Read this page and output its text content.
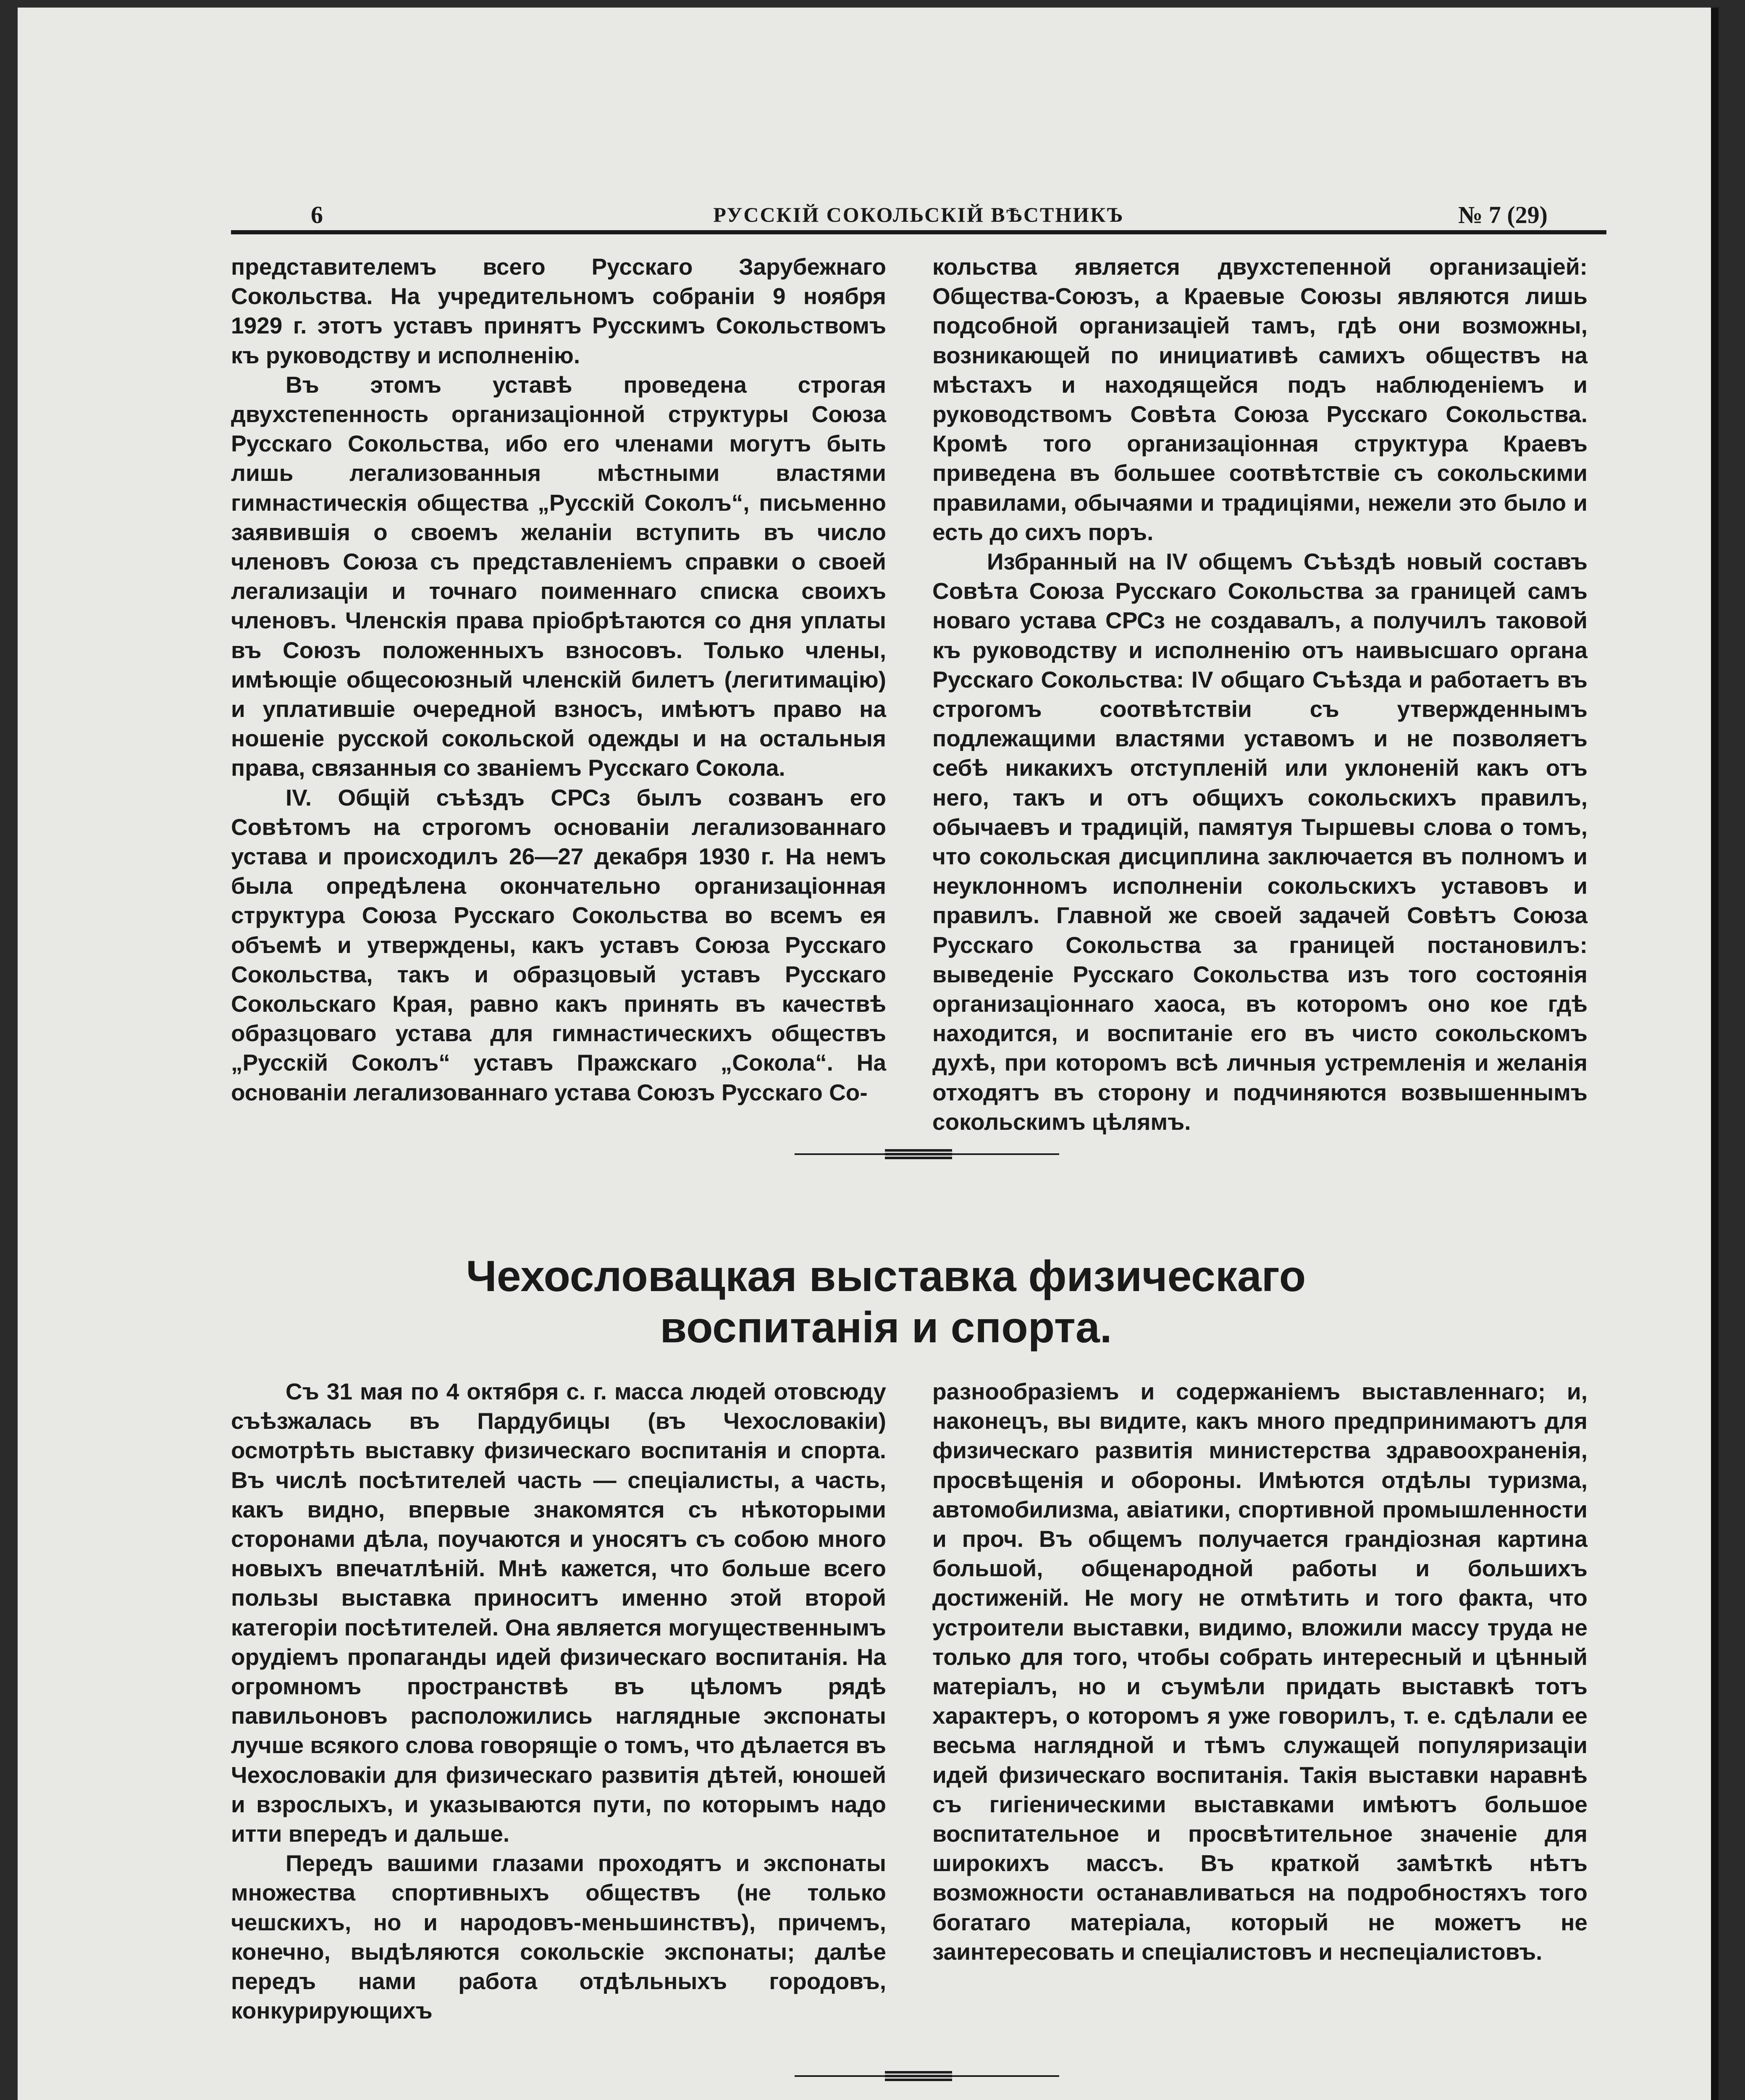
6	РУССКІЙ СОКОЛЬСКІЙ ВѢСТНИКЪ	№ 7 (29)

представителемъ всего Русскаго Зарубежнаго Сокольства. На учредительномъ собраніи 9 ноября 1929 г. этотъ уставъ принятъ Русскимъ Сокольствомъ къ руководству и исполненію.

Въ этомъ уставѣ проведена строгая двухстепенность организаціонной структуры Союза Русскаго Сокольства, ибо его членами могутъ быть лишь легализованныя мѣстными властями гимнастическія общества „Русскій Соколъ“, письменно заявившія о своемъ желаніи вступить въ число членовъ Союза съ представленіемъ справки о своей легализаціи и точнаго поименнаго списка своихъ членовъ. Членскія права пріобрѣтаются со дня уплаты въ Союзъ положенныхъ взносовъ. Только члены, имѣющіе общесоюзный членскій билетъ (легитимацію) и уплатившіе очередной взносъ, имѣютъ право на ношеніе русской сокольской одежды и на остальныя права, связанныя со званіемъ Русскаго Сокола.

IV. Общій съѣздъ СРСз былъ созванъ его Совѣтомъ на строгомъ основаніи легализованнаго устава и происходилъ 26—27 декабря 1930 г. На немъ была опредѣлена окончательно организаціонная структура Союза Русскаго Сокольства во всемъ ея объемѣ и утверждены, какъ уставъ Союза Русскаго Сокольства, такъ и образцовый уставъ Русскаго Сокольскаго Края, равно какъ принять въ качествѣ образцоваго устава для гимнастическихъ обществъ „Русскій Соколъ“ уставъ Пражскаго „Сокола“. На основаніи легализованнаго устава Союзъ Русскаго Со-

кольства является двухстепенной организаціей: Общества-Союзъ, а Краевые Союзы являются лишь подсобной организаціей тамъ, гдѣ они возможны, возникающей по инициативѣ самихъ обществъ на мѣстахъ и находящейся подъ наблюденіемъ и руководствомъ Совѣта Союза Русскаго Сокольства. Кромѣ того организаціонная структура Краевъ приведена въ большее соотвѣтствіе съ сокольскими правилами, обычаями и традиціями, нежели это было и есть до сихъ поръ.

Избранный на IV общемъ Съѣздѣ новый составъ Совѣта Союза Русскаго Сокольства за границей самъ новаго устава СРСз не создавалъ, а получилъ таковой къ руководству и исполненію отъ наивысшаго органа Русскаго Сокольства: IV общаго Съѣзда и работаетъ въ строгомъ соотвѣтствіи съ утвержденнымъ подлежащими властями уставомъ и не позволяетъ себѣ никакихъ отступленій или уклоненій какъ отъ него, такъ и отъ общихъ сокольскихъ правилъ, обычаевъ и традицій, памятуя Тыршевы слова о томъ, что сокольская дисциплина заключается въ полномъ и неуклонномъ исполненіи сокольскихъ уставовъ и правилъ. Главной же своей задачей Совѣтъ Союза Русскаго Сокольства за границей постановилъ: выведеніе Русскаго Сокольства изъ того состоянія организаціоннаго хаоса, въ которомъ оно кое гдѣ находится, и воспитаніе его въ чисто сокольскомъ духѣ, при которомъ всѣ личныя устремленія и желанія отходятъ въ сторону и подчиняются возвышеннымъ сокольскимъ цѣлямъ.

Чехословацкая выставка физическаго
воспитанія и спорта.

Съ 31 мая по 4 октября с. г. масса людей отовсюду съѣзжалась въ Пардубицы (въ Чехословакіи) осмотрѣть выставку физическаго воспитанія и спорта. Въ числѣ посѣтителей часть — спеціалисты, а часть, какъ видно, впервые знакомятся съ нѣкоторыми сторонами дѣла, поучаются и уносятъ съ собою много новыхъ впечатлѣній. Мнѣ кажется, что больше всего пользы выставка приноситъ именно этой второй категоріи посѣтителей. Она является могущественнымъ орудіемъ пропаганды идей физическаго воспитанія. На огромномъ пространствѣ въ цѣломъ рядѣ павильоновъ расположились наглядные экспонаты лучше всякого слова говорящіе о томъ, что дѣлается въ Чехословакіи для физическаго развитія дѣтей, юношей и взрослыхъ, и указываются пути, по которымъ надо итти впередъ и дальше.

Передъ вашими глазами проходятъ и экспонаты множества спортивныхъ обществъ (не только чешскихъ, но и народовъ-меньшинствъ), причемъ, конечно, выдѣляются сокольскіе экспонаты; далѣе передъ нами работа отдѣльныхъ городовъ, конкурирующихъ

разнообразіемъ и содержаніемъ выставленнаго; и, наконецъ, вы видите, какъ много предпринимаютъ для физическаго развитія министерства здравоохраненія, просвѣщенія и обороны. Имѣются отдѣлы туризма, автомобилизма, авіатики, спортивной промышленности и проч. Въ общемъ получается грандіозная картина большой, общенародной работы и большихъ достиженій. Не могу не отмѣтить и того факта, что устроители выставки, видимо, вложили массу труда не только для того, чтобы собрать интересный и цѣнный матеріалъ, но и съумѣли придать выставкѣ тотъ характеръ, о которомъ я уже говорилъ, т. е. сдѣлали ее весьма наглядной и тѣмъ служащей популяризаціи идей физическаго воспитанія. Такія выставки наравнѣ съ гигіеническими выставками имѣютъ большое воспитательное и просвѣтительное значеніе для широкихъ массъ. Въ краткой замѣткѣ нѣтъ возможности останавливаться на подробностяхъ того богатаго матеріала, который не можетъ не заинтересовать и спеціалистовъ и неспеціалистовъ.
